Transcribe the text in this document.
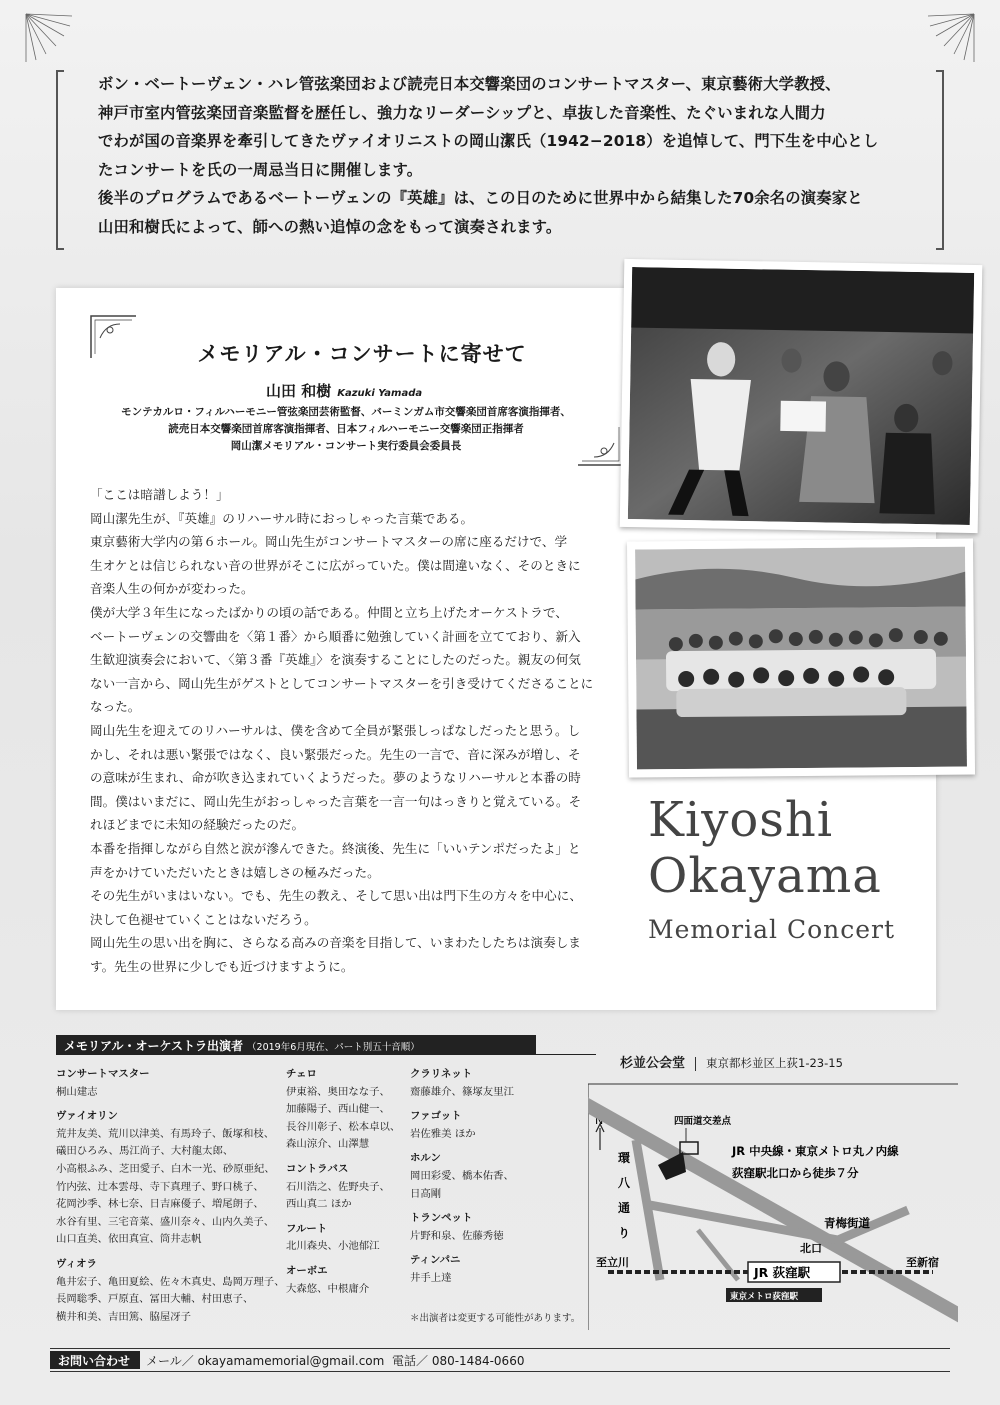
ボン・ベートーヴェン・ハレ管弦楽団および読売日本交響楽団のコンサートマスター、東京藝術大学教授、

神戸市室内管弦楽団音楽監督を歴任し、強力なリーダーシップと、卓抜した音楽性、たぐいまれな人間力

でわが国の音楽界を牽引してきたヴァイオリニストの岡山潔氏（1942−2018）を追悼して、門下生を中心とし

たコンサートを氏の一周忌当日に開催します。

後半のプログラムであるベートーヴェンの『英雄』は、この日のために世界中から結集した70余名の演奏家と

山田和樹氏によって、師への熱い追悼の念をもって演奏されます。

メモリアル・コンサートに寄せて
山田 和樹 Kazuki Yamada

モンテカルロ・フィルハーモニー管弦楽団芸術監督、バーミンガム市交響楽団首席客演指揮者、

読売日本交響楽団首席客演指揮者、日本フィルハーモニー交響楽団正指揮者

岡山潔メモリアル・コンサート実行委員会委員長

「ここは暗譜しよう！」

岡山潔先生が、『英雄』のリハーサル時におっしゃった言葉である。

東京藝術大学内の第６ホール。岡山先生がコンサートマスターの席に座るだけで、学

生オケとは信じられない音の世界がそこに広がっていた。僕は間違いなく、そのときに

音楽人生の何かが変わった。

僕が大学３年生になったばかりの頃の話である。仲間と立ち上げたオーケストラで、

ベートーヴェンの交響曲を〈第１番〉から順番に勉強していく計画を立てており、新入

生歓迎演奏会において、〈第３番『英雄』〉を演奏することにしたのだった。親友の何気

ない一言から、岡山先生がゲストとしてコンサートマスターを引き受けてくださることに

なった。

岡山先生を迎えてのリハーサルは、僕を含めて全員が緊張しっぱなしだったと思う。し

かし、それは悪い緊張ではなく、良い緊張だった。先生の一言で、音に深みが増し、そ

の意味が生まれ、命が吹き込まれていくようだった。夢のようなリハーサルと本番の時

間。僕はいまだに、岡山先生がおっしゃった言葉を一言一句はっきりと覚えている。そ

れほどまでに未知の経験だったのだ。

本番を指揮しながら自然と涙が滲んできた。終演後、先生に「いいテンポだったよ」と

声をかけていただいたときは嬉しさの極みだった。

その先生がいまはいない。でも、先生の教え、そして思い出は門下生の方々を中心に、

決して色褪せていくことはないだろう。

岡山先生の思い出を胸に、さらなる高みの音楽を目指して、いまわたしたちは演奏しま

す。先生の世界に少しでも近づけますように。

Kiyoshi
Okayama
Memorial Concert
メモリアル・オーケストラ出演者 （2019年6月現在、パート別五十音順）
コンサートマスター
桐山建志
ヴァイオリン
荒井友美、荒川以津美、有馬玲子、飯塚和枝、
礒田ひろみ、馬江尚子、大村龍太郎、
小高根ふみ、芝田愛子、白木一光、砂原亜紀、
竹内弦、辻本雲母、寺下真理子、野口桃子、
花岡沙季、林七奈、日吉麻優子、増尾朗子、
水谷有里、三宅音菜、盛川奈々、山内久美子、
山口直美、依田真宣、筒井志帆
ヴィオラ
亀井宏子、亀田夏絵、佐々木真史、島岡万理子、
長岡聡季、戸原直、冨田大輔、村田恵子、
横井和美、吉田篤、脇屋冴子
チェロ
伊東裕、奥田なな子、
加藤陽子、西山健一、
長谷川彰子、松本卓以、
森山涼介、山澤慧
コントラバス
石川浩之、佐野央子、
西山真二 ほか
フルート
北川森央、小池郁江
オーボエ
大森悠、中根庸介
クラリネット
齋藤雄介、篠塚友里江
ファゴット
岩佐雅美 ほか
ホルン
岡田彩愛、橋本佑香、
日高剛
トランペット
片野和泉、佐藤秀徳
ティンパニ
井手上達
＊出演者は変更する可能性があります。
杉並公会堂 東京都杉並区上荻1-23-15
N	四面道交差点
JR 中央線・東京メトロ丸ノ内線
荻窪駅北口から徒歩７分
環
八
通
り
青梅街道
北口
至立川	至新宿
JR 荻窪駅
東京メトロ荻窪駅
お問い合わせ	メール／ okayamamemorial@gmail.com 電話／ 080-1484-0660
